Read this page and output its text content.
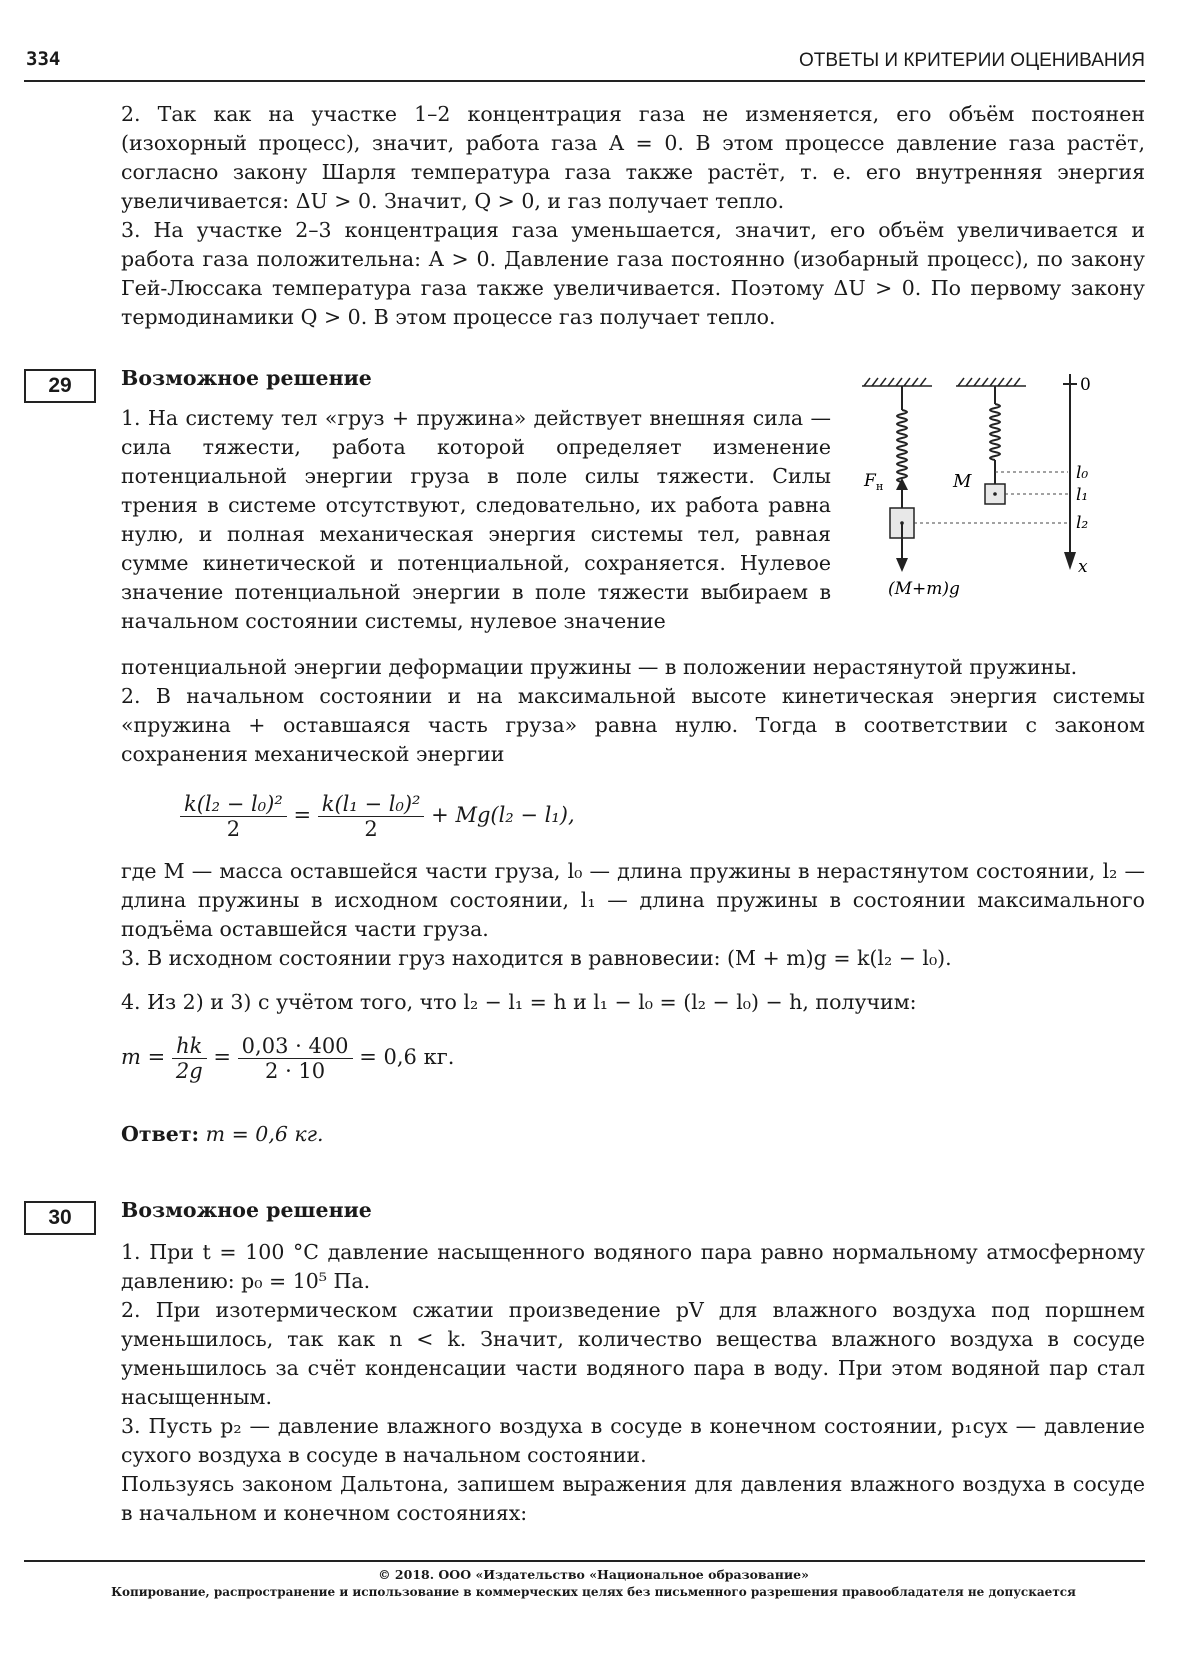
334	ОТВЕТЫ И КРИТЕРИИ ОЦЕНИВАНИЯ

2. Так как на участке 1–2 концентрация газа не изменяется, его объём постоянен (изохорный процесс), значит, работа газа A = 0. В этом процессе давление газа растёт, согласно закону Шарля температура газа также растёт, т. е. его внутренняя энергия увеличивается: ΔU > 0. Значит, Q > 0, и газ получает тепло.

3. На участке 2–3 концентрация газа уменьшается, значит, его объём увеличивается и работа газа положительна: A > 0. Давление газа постоянно (изобарный процесс), по закону Гей-Люссака температура газа также увеличивается. Поэтому ΔU > 0. По первому закону термодинамики Q > 0. В этом процессе газ получает тепло.

29	Возможное решение

1. На систему тел «груз + пружина» действует внешняя сила — сила тяжести, работа которой определяет изменение потенциальной энергии груза в поле силы тяжести. Силы трения в системе отсутствуют, следовательно, их работа равна нулю, и полная механическая энергия системы тел, равная сумме кинетической и потенциальной, сохраняется. Нулевое значение потенциальной энергии в поле тяжести выбираем в начальном состоянии системы, нулевое значение

0
l₀
l₁
l₂
x
F н	M
(M+m)g

потенциальной энергии деформации пружины — в положении нерастянутой пружины.

2. В начальном состоянии и на максимальной высоте кинетическая энергия системы «пружина + оставшаяся часть груза» равна нулю. Тогда в соответствии с законом сохранения механической энергии

$\frac{\text{k(l₂ − l₀)²}}{2} = \frac{\text{k(l₁ − l₀)²}}{2} + Mg(l_2 - l_1)$,

где M — масса оставшейся части груза, l₀ — длина пружины в нерастянутом состоянии, l₂ — длина пружины в исходном состоянии, l₁ — длина пружины в состоянии максимального подъёма оставшейся части груза.

3. В исходном состоянии груз находится в равновесии: (M + m)g = k(l₂ − l₀).

4. Из 2) и 3) с учётом того, что l₂ − l₁ = h и l₁ − l₀ = (l₂ − l₀) − h, получим:

$m = \frac{hk}{2g} = \frac{0,03 \cdot 400}{2 \cdot 10} = 0,6$ кг.
Ответ: m = 0,6 кг.
30	Возможное решение

1. При t = 100 °C давление насыщенного водяного пара равно нормальному атмосферному давлению: p₀ = 10⁵ Па.

2. При изотермическом сжатии произведение pV для влажного воздуха под поршнем уменьшилось, так как n < k. Значит, количество вещества влажного воздуха в сосуде уменьшилось за счёт конденсации части водяного пара в воду. При этом водяной пар стал насыщенным.

3. Пусть p₂ — давление влажного воздуха в сосуде в конечном состоянии, p₁сух — давление сухого воздуха в сосуде в начальном состоянии.

Пользуясь законом Дальтона, запишем выражения для давления влажного воздуха в сосуде в начальном и конечном состояниях:

© 2018. ООО «Издательство «Национальное образование»
Копирование, распространение и использование в коммерческих целях без письменного разрешения правообладателя не допускается
